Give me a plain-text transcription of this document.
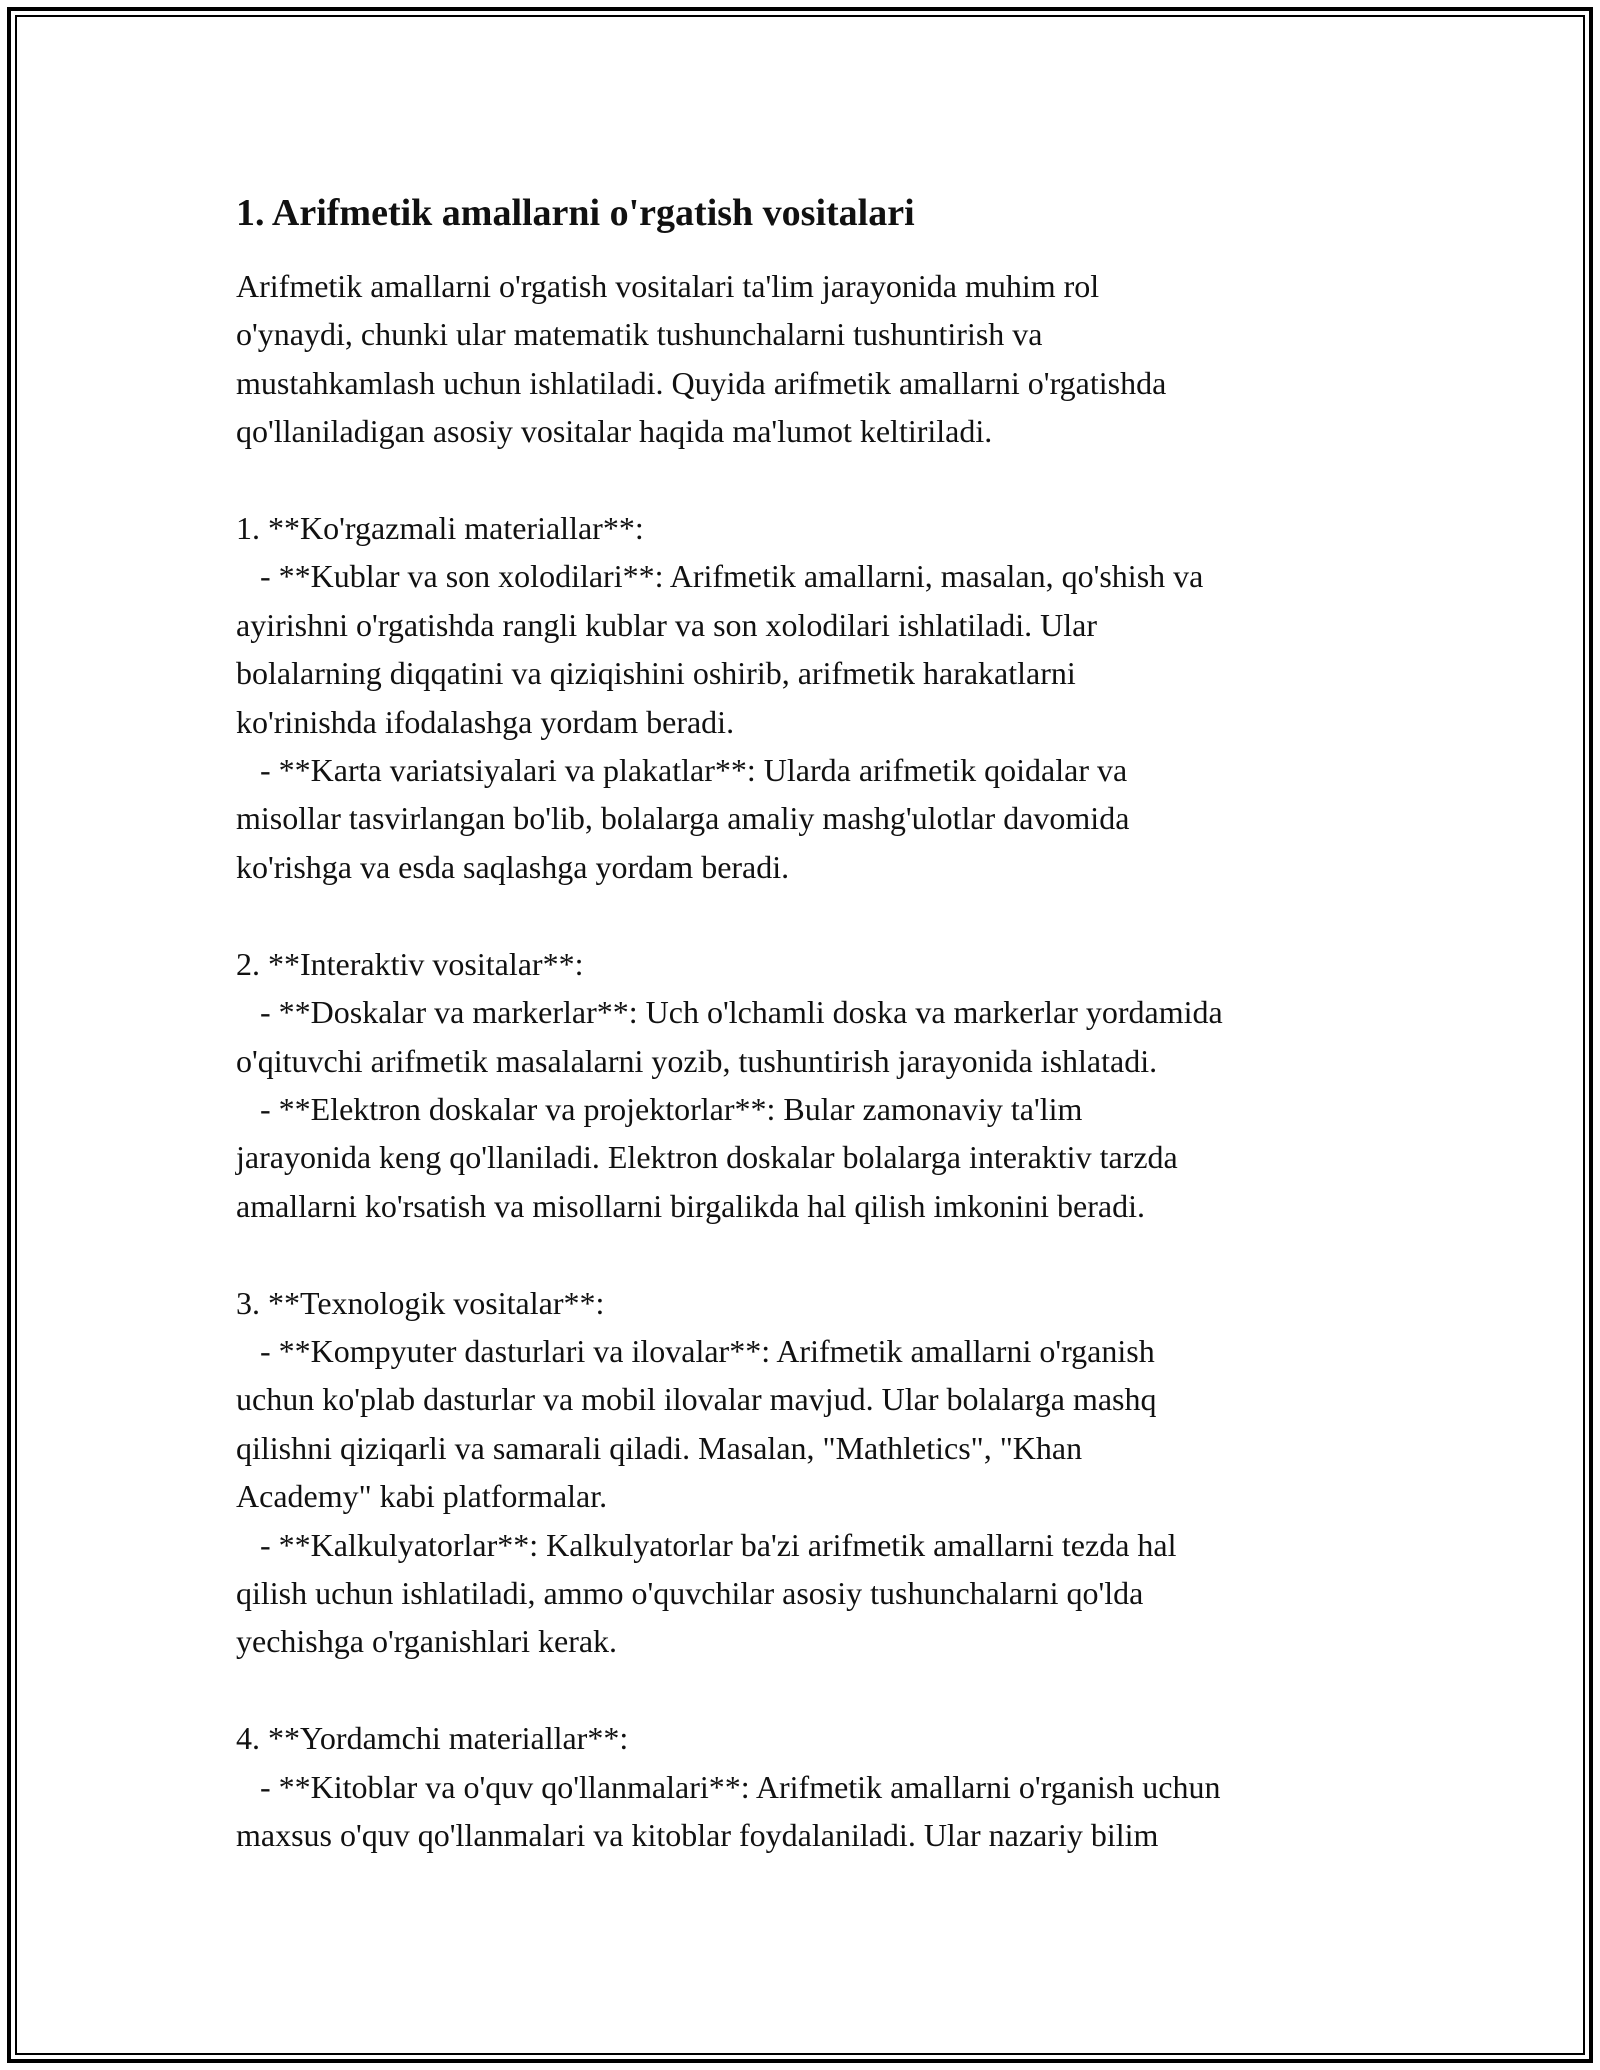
1. Arifmetik amallarni o'rgatish vositalari

Arifmetik amallarni o'rgatish vositalari ta'lim jarayonida muhim rol
o'ynaydi, chunki ular matematik tushunchalarni tushuntirish va
mustahkamlash uchun ishlatiladi. Quyida arifmetik amallarni o'rgatishda
qo'llaniladigan asosiy vositalar haqida ma'lumot keltiriladi.

1. **Ko'rgazmali materiallar**:
- **Kublar va son xolodilari**: Arifmetik amallarni, masalan, qo'shish va
ayirishni o'rgatishda rangli kublar va son xolodilari ishlatiladi. Ular
bolalarning diqqatini va qiziqishini oshirib, arifmetik harakatlarni
ko'rinishda ifodalashga yordam beradi.
- **Karta variatsiyalari va plakatlar**: Ularda arifmetik qoidalar va
misollar tasvirlangan bo'lib, bolalarga amaliy mashg'ulotlar davomida
ko'rishga va esda saqlashga yordam beradi.

2. **Interaktiv vositalar**:
- **Doskalar va markerlar**: Uch o'lchamli doska va markerlar yordamida
o'qituvchi arifmetik masalalarni yozib, tushuntirish jarayonida ishlatadi.
- **Elektron doskalar va projektorlar**: Bular zamonaviy ta'lim
jarayonida keng qo'llaniladi. Elektron doskalar bolalarga interaktiv tarzda
amallarni ko'rsatish va misollarni birgalikda hal qilish imkonini beradi.

3. **Texnologik vositalar**:
- **Kompyuter dasturlari va ilovalar**: Arifmetik amallarni o'rganish
uchun ko'plab dasturlar va mobil ilovalar mavjud. Ular bolalarga mashq
qilishni qiziqarli va samarali qiladi. Masalan, "Mathletics", "Khan
Academy" kabi platformalar.
- **Kalkulyatorlar**: Kalkulyatorlar ba'zi arifmetik amallarni tezda hal
qilish uchun ishlatiladi, ammo o'quvchilar asosiy tushunchalarni qo'lda
yechishga o'rganishlari kerak.

4. **Yordamchi materiallar**:
- **Kitoblar va o'quv qo'llanmalari**: Arifmetik amallarni o'rganish uchun
maxsus o'quv qo'llanmalari va kitoblar foydalaniladi. Ular nazariy bilim
